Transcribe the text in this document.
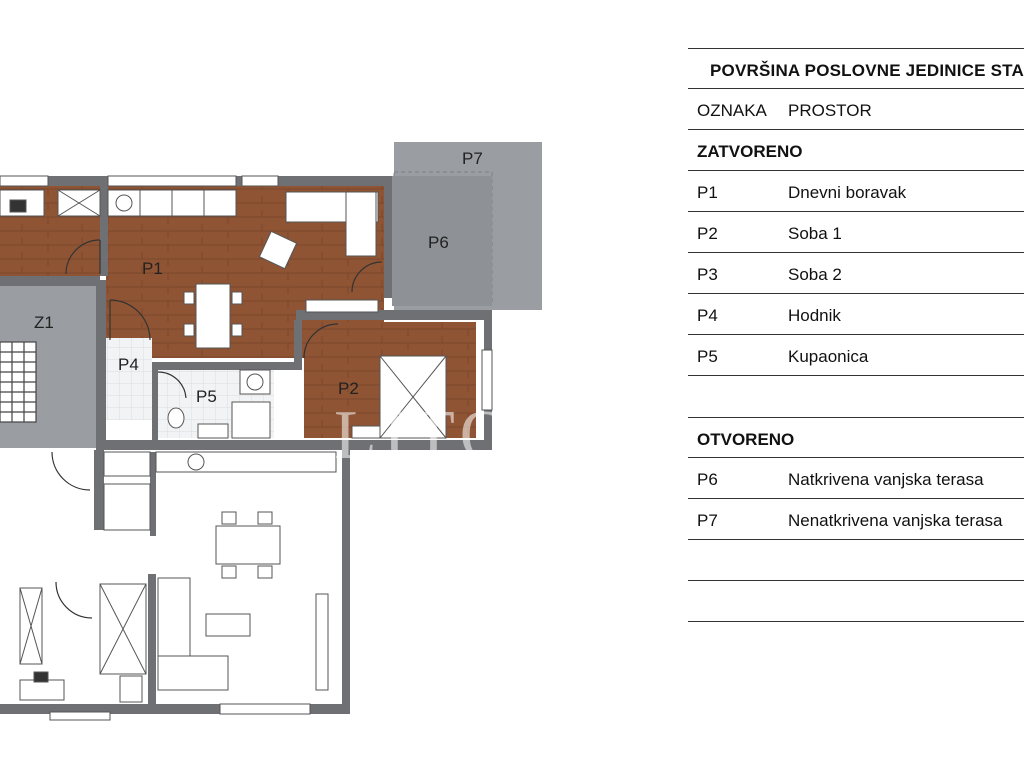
P1
P2
P4
P5
P6
P7
Z1
LITORA
POVRŠINA POSLOVNE JEDINICE STA
OZNAKA PROSTOR
ZATVORENO
P1	Dnevni boravak
P2	Soba 1
P3	Soba 2
P4	Hodnik
P5	Kupaonica
OTVORENO
P6	Natkrivena vanjska terasa
P7	Nenatkrivena vanjska terasa
